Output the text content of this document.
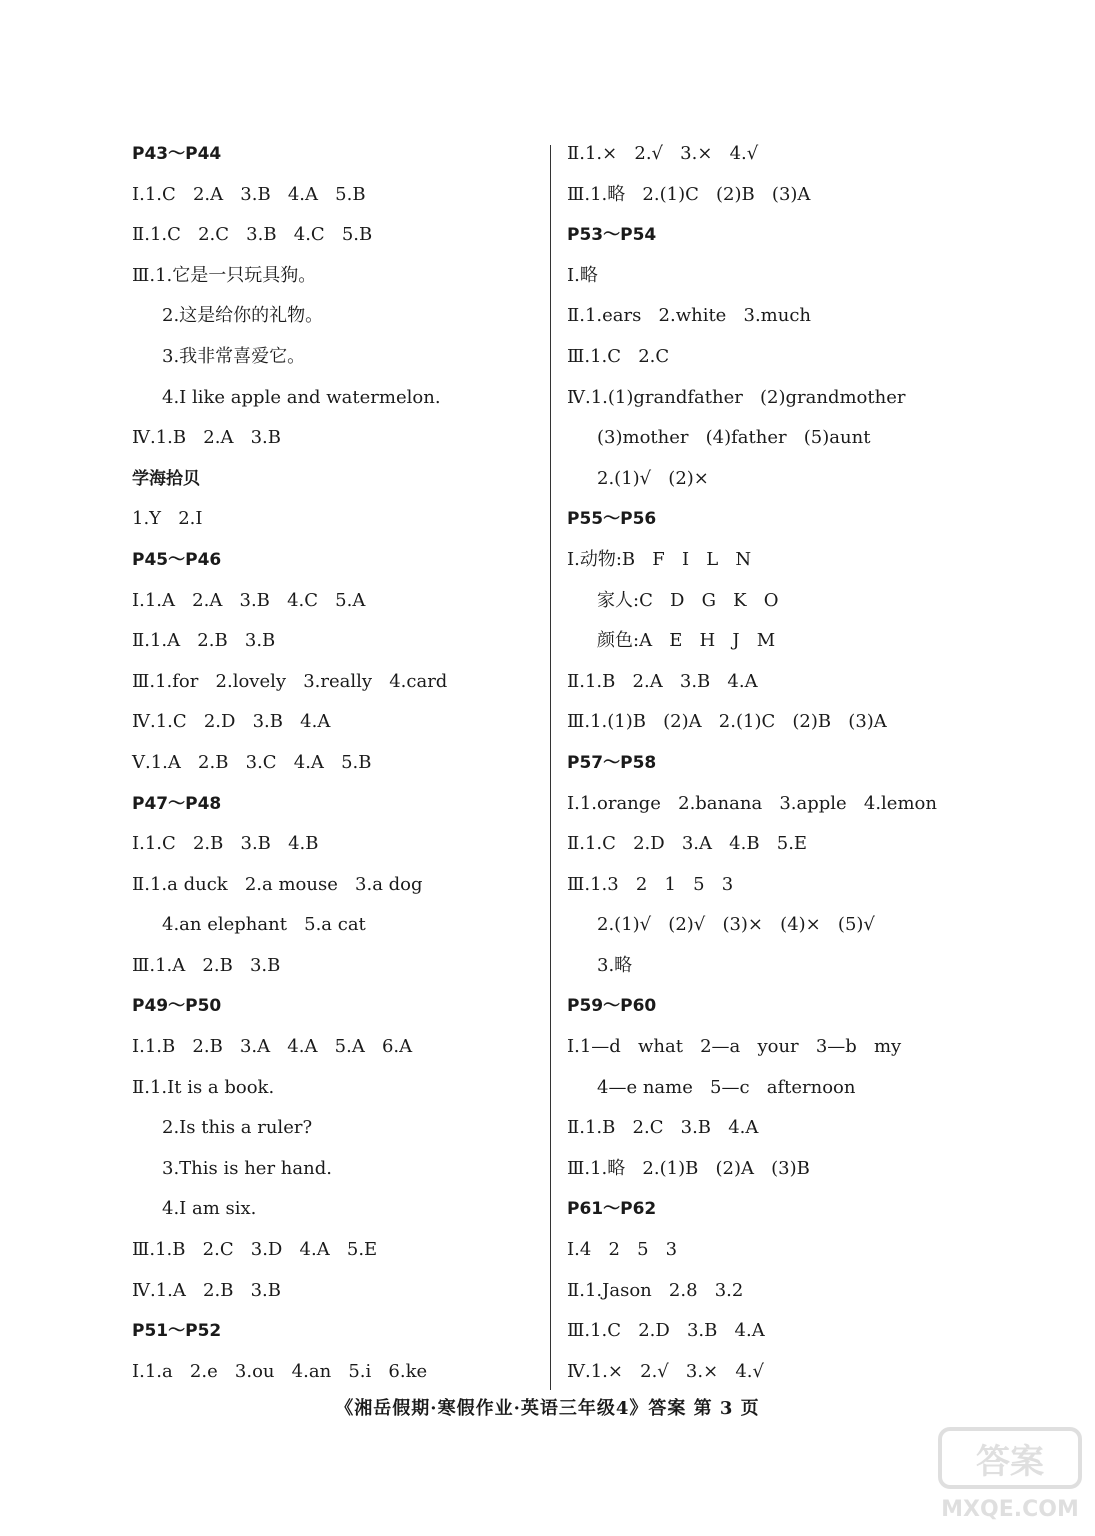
P43～P44
Ⅰ.1.C   2.A   3.B   4.A   5.B
Ⅱ.1.C   2.C   3.B   4.C   5.B
Ⅲ.1.它是一只玩具狗。
2.这是给你的礼物。
3.我非常喜爱它。
4.I like apple and watermelon.
Ⅳ.1.B   2.A   3.B
学海拾贝
1.Y   2.I
P45～P46
Ⅰ.1.A   2.A   3.B   4.C   5.A
Ⅱ.1.A   2.B   3.B
Ⅲ.1.for   2.lovely   3.really   4.card
Ⅳ.1.C   2.D   3.B   4.A
Ⅴ.1.A   2.B   3.C   4.A   5.B
P47～P48
Ⅰ.1.C   2.B   3.B   4.B
Ⅱ.1.a duck   2.a mouse   3.a dog
4.an elephant   5.a cat
Ⅲ.1.A   2.B   3.B
P49～P50
Ⅰ.1.B   2.B   3.A   4.A   5.A   6.A
Ⅱ.1.It is a book.
2.Is this a ruler?
3.This is her hand.
4.I am six.
Ⅲ.1.B   2.C   3.D   4.A   5.E
Ⅳ.1.A   2.B   3.B
P51～P52
Ⅰ.1.a   2.e   3.ou   4.an   5.i   6.ke
Ⅱ.1.×   2.√   3.×   4.√
Ⅲ.1.略   2.(1)C   (2)B   (3)A
P53～P54
Ⅰ.略
Ⅱ.1.ears   2.white   3.much
Ⅲ.1.C   2.C
Ⅳ.1.(1)grandfather   (2)grandmother
(3)mother   (4)father   (5)aunt
2.(1)√   (2)×
P55～P56
Ⅰ.动物:B   F   I   L   N
家人:C   D   G   K   O
颜色:A   E   H   J   M
Ⅱ.1.B   2.A   3.B   4.A
Ⅲ.1.(1)B   (2)A   2.(1)C   (2)B   (3)A
P57～P58
Ⅰ.1.orange   2.banana   3.apple   4.lemon
Ⅱ.1.C   2.D   3.A   4.B   5.E
Ⅲ.1.3   2   1   5   3
2.(1)√   (2)√   (3)×   (4)×   (5)√
3.略
P59～P60
Ⅰ.1—d   what   2—a   your   3—b   my
4—e name   5—c   afternoon
Ⅱ.1.B   2.C   3.B   4.A
Ⅲ.1.略   2.(1)B   (2)A   (3)B
P61～P62
Ⅰ.4   2   5   3
Ⅱ.1.Jason   2.8   3.2
Ⅲ.1.C   2.D   3.B   4.A
Ⅳ.1.×   2.√   3.×   4.√
《湘岳假期·寒假作业·英语三年级4》答案 第 3 页
答案
MXQE.COM
